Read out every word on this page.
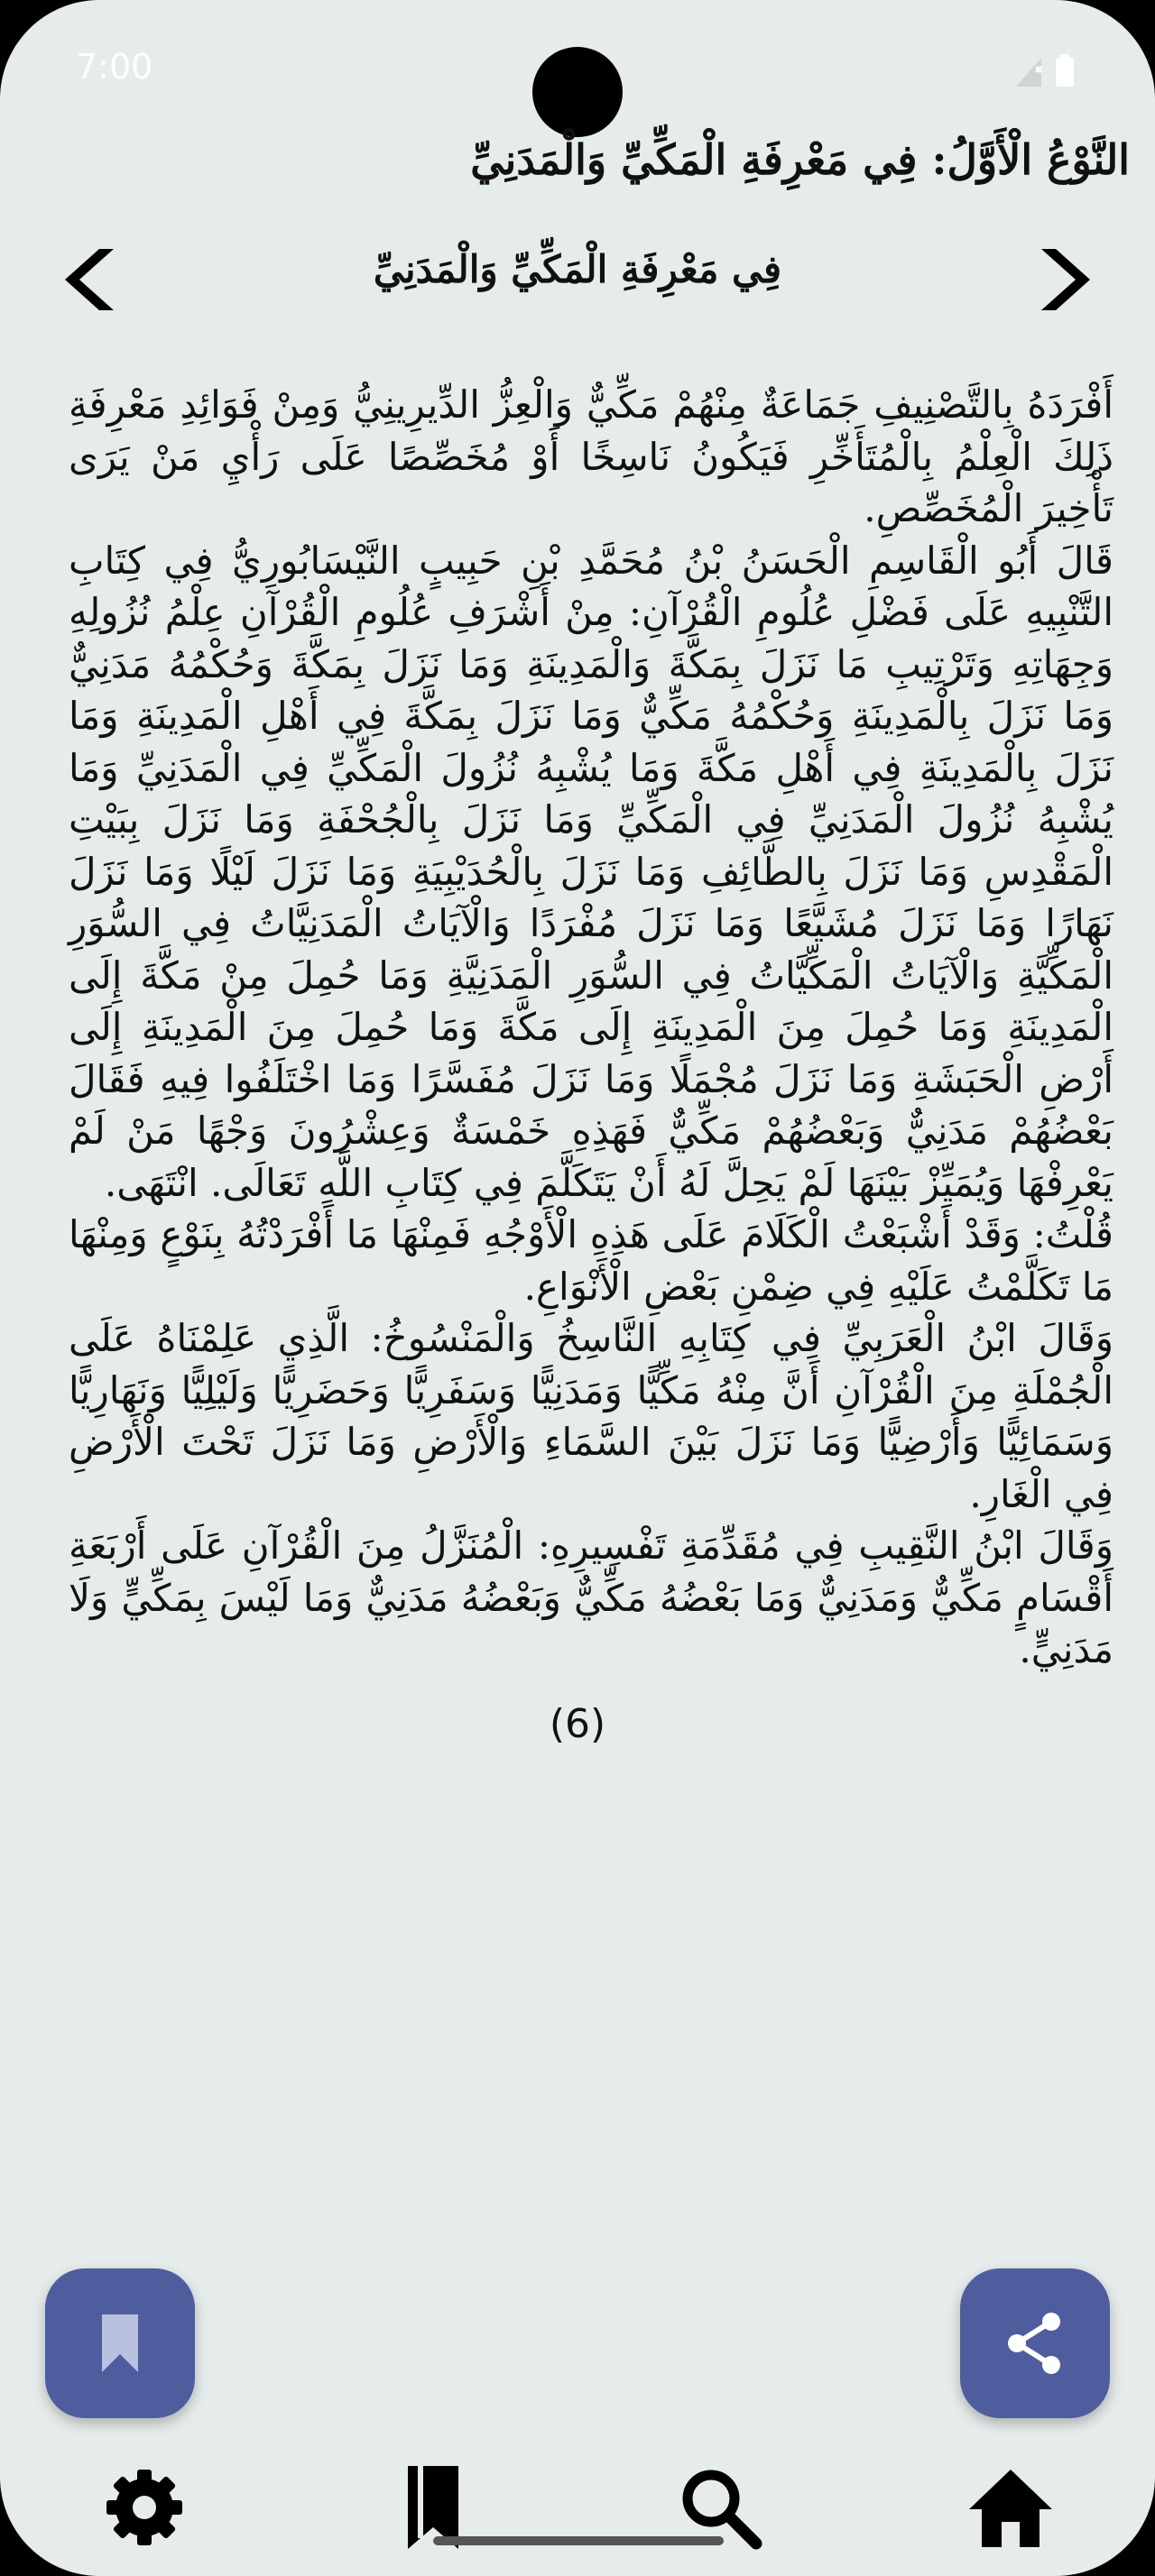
7:00
النَّوْعُ الْأَوَّلُ: فِي مَعْرِفَةِ الْمَكِّيِّ وَالْمَدَنِيِّ
فِي مَعْرِفَةِ الْمَكِّيِّ وَالْمَدَنِيِّ

أَفْرَدَهُ بِالتَّصْنِيفِ جَمَاعَةٌ مِنْهُمْ مَكِّيٌّ وَالْعِزُّ الدِّيرِينِيُّ وَمِنْ فَوَائِدِ مَعْرِفَةِ ذَلِكَ الْعِلْمُ بِالْمُتَأَخِّرِ فَيَكُونُ نَاسِخًا أَوْ مُخَصِّصًا عَلَى رَأْيِ مَنْ يَرَى تَأْخِيرَ الْمُخَصِّصِ.

قَالَ أَبُو الْقَاسِمِ الْحَسَنُ بْنُ مُحَمَّدِ بْنِ حَبِيبٍ النَّيْسَابُورِيُّ فِي كِتَابِ التَّنْبِيهِ عَلَى فَضْلِ عُلُومِ الْقُرْآنِ: مِنْ أَشْرَفِ عُلُومِ الْقُرْآنِ عِلْمُ نُزُولِهِ وَجِهَاتِهِ وَتَرْتِيبِ مَا نَزَلَ بِمَكَّةَ وَالْمَدِينَةِ وَمَا نَزَلَ بِمَكَّةَ وَحُكْمُهُ مَدَنِيٌّ وَمَا نَزَلَ بِالْمَدِينَةِ وَحُكْمُهُ مَكِّيٌّ وَمَا نَزَلَ بِمَكَّةَ فِي أَهْلِ الْمَدِينَةِ وَمَا نَزَلَ بِالْمَدِينَةِ فِي أَهْلِ مَكَّةَ وَمَا يُشْبِهُ نُزُولَ الْمَكِّيِّ فِي الْمَدَنِيِّ وَمَا يُشْبِهُ نُزُولَ الْمَدَنِيِّ فِي الْمَكِّيِّ وَمَا نَزَلَ بِالْجُحْفَةِ وَمَا نَزَلَ بِبَيْتِ الْمَقْدِسِ وَمَا نَزَلَ بِالطَّائِفِ وَمَا نَزَلَ بِالْحُدَيْبِيَةِ وَمَا نَزَلَ لَيْلًا وَمَا نَزَلَ نَهَارًا وَمَا نَزَلَ مُشَيَّعًا وَمَا نَزَلَ مُفْرَدًا وَالْآيَاتُ الْمَدَنِيَّاتُ فِي السُّوَرِ الْمَكِّيَّةِ وَالْآيَاتُ الْمَكِّيَّاتُ فِي السُّوَرِ الْمَدَنِيَّةِ وَمَا حُمِلَ مِنْ مَكَّةَ إِلَى الْمَدِينَةِ وَمَا حُمِلَ مِنَ الْمَدِينَةِ إِلَى مَكَّةَ وَمَا حُمِلَ مِنَ الْمَدِينَةِ إِلَى أَرْضِ الْحَبَشَةِ وَمَا نَزَلَ مُجْمَلًا وَمَا نَزَلَ مُفَسَّرًا وَمَا اخْتَلَفُوا فِيهِ فَقَالَ بَعْضُهُمْ مَدَنِيٌّ وَبَعْضُهُمْ مَكِّيٌّ فَهَذِهِ خَمْسَةٌ وَعِشْرُونَ وَجْهًا مَنْ لَمْ يَعْرِفْهَا وَيُمَيِّزْ بَيْنَهَا لَمْ يَحِلَّ لَهُ أَنْ يَتَكَلَّمَ فِي كِتَابِ اللَّهِ تَعَالَى. انْتَهَى.

قُلْتُ: وَقَدْ أَشْبَعْتُ الْكَلَامَ عَلَى هَذِهِ الْأَوْجُهِ فَمِنْهَا مَا أَفْرَدْتُهُ بِنَوْعٍ وَمِنْهَا مَا تَكَلَّمْتُ عَلَيْهِ فِي ضِمْنِ بَعْضِ الْأَنْوَاعِ.

وَقَالَ ابْنُ الْعَرَبِيِّ فِي كِتَابِهِ النَّاسِخُ وَالْمَنْسُوخُ: الَّذِي عَلِمْنَاهُ عَلَى الْجُمْلَةِ مِنَ الْقُرْآنِ أَنَّ مِنْهُ مَكِّيًّا وَمَدَنِيًّا وَسَفَرِيًّا وَحَضَرِيًّا وَلَيْلِيًّا وَنَهَارِيًّا وَسَمَائِيًّا وَأَرْضِيًّا وَمَا نَزَلَ بَيْنَ السَّمَاءِ وَالْأَرْضِ وَمَا نَزَلَ تَحْتَ الْأَرْضِ فِي الْغَارِ.

وَقَالَ ابْنُ النَّقِيبِ فِي مُقَدِّمَةِ تَفْسِيرِهِ: الْمُنَزَّلُ مِنَ الْقُرْآنِ عَلَى أَرْبَعَةِ أَقْسَامٍ مَكِّيٌّ وَمَدَنِيٌّ وَمَا بَعْضُهُ مَكِّيٌّ وَبَعْضُهُ مَدَنِيٌّ وَمَا لَيْسَ بِمَكِّيٍّ وَلَا مَدَنِيٍّ.

(6)
